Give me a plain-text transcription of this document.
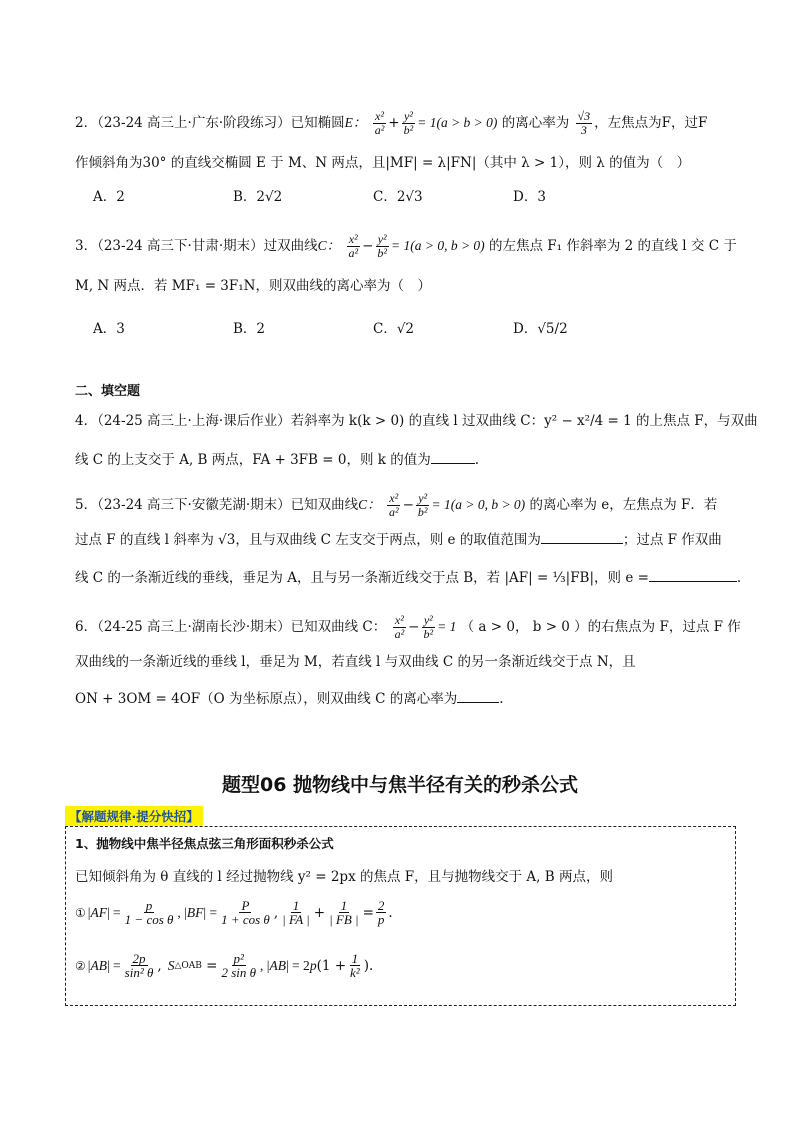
2．（23-24 高三上·广东·阶段练习）已知椭圆E： $\frac{\text{x²}}{\text{a²}} + \frac{\text{y²}}{\text{b²}} = 1(a > b > 0)$ 的离心率为 $\frac{√3}{3}$ ，左焦点为F，过F
作倾斜角为30° 的直线交椭圆 E 于 M、N 两点，且|MF| = λ|FN|（其中 λ > 1），则 λ 的值为（　）
A．2	B．2√2	C．2√3	D．3
3．（23-24 高三下·甘肃·期末）过双曲线C： $\frac{\text{x²}}{\text{a²}} - \frac{\text{y²}}{\text{b²}} = 1(a > 0$, b > 0) 的左焦点 F₁ 作斜率为 2 的直线 l 交 C 于
M, N 两点．若 MF₁ = 3F₁N，则双曲线的离心率为（　）
A．3	B．2	C．√2	D．√5/2
二、填空题
4．（24-25 高三上·上海·课后作业）若斜率为 k(k > 0) 的直线 l 过双曲线 C：y² − x²/4 = 1 的上焦点 F，与双曲
线 C 的上支交于 A, B 两点，FA + 3FB = 0，则 k 的值为	.
5．（23-24 高三下·安徽芜湖·期末）已知双曲线C： $\frac{\text{x²}}{\text{a²}} - \frac{\text{y²}}{\text{b²}} = 1(a > 0$, b > 0) 的离心率为 e，左焦点为 F．若
过点 F 的直线 l 斜率为 √3，且与双曲线 C 左支交于两点，则 e 的取值范围为	；过点 F 作双曲
线 C 的一条渐近线的垂线，垂足为 A，且与另一条渐近线交于点 B，若 |AF| = ⅓|FB|，则 e =	.
6．（24-25 高三上·湖南长沙·期末）已知双曲线 C： $\frac{\text{x²}}{\text{a²}} - \frac{\text{y²}}{\text{b²}} = 1$ （ a > 0， b > 0 ）的右焦点为 F，过点 F 作
双曲线的一条渐近线的垂线 l，垂足为 M，若直线 l 与双曲线 C 的另一条渐近线交于点 N，且
ON + 3OM = 4OF（O 为坐标原点），则双曲线 C 的离心率为	.
题型06 抛物线中与焦半径有关的秒杀公式
【解题规律·提分快招】
1、抛物线中焦半径焦点弦三角形面积秒杀公式
已知倾斜角为 θ 直线的 l 经过抛物线 y² = 2px 的焦点 F，且与抛物线交于 A, B 两点，则
① | AF | = $\frac{p}{\text{1 − cos θ}}$ , | BF | = $\frac{P}{\text{1 + cos θ}}$ , $\frac{1}{| FA |} + \frac{1}{| FB |} = \frac{2}{p}$ .
② | AB | = $\frac{2p}{\text{sin² θ}}$ , S △OAB = $\frac{\text{p²}}{\text{2 sin θ}}$ , | AB | = 2 p ($1 + \frac{1}{\text{k²}}$ ).
